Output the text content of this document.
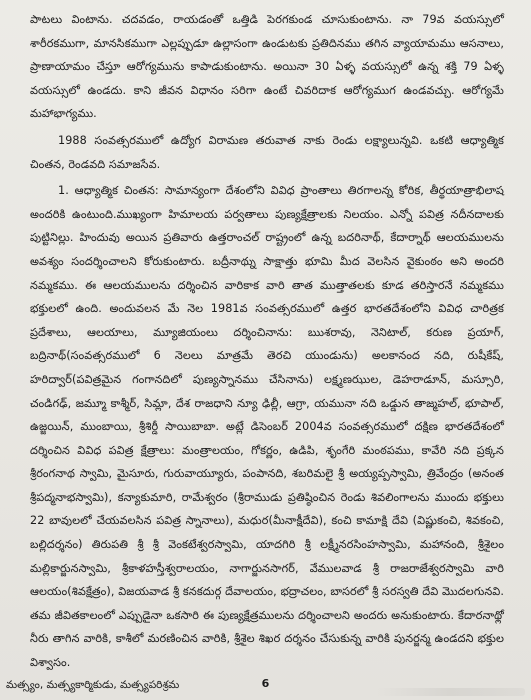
పాటలు వింటాను. చదవడం, రాయడంతో ఒత్తిడి పెరగకుండ చూసుకుంటాను. నా 79వ వయస్సులో శారీరకముగా, మానసికముగా ఎల్లప్పుడూ ఉల్లాసంగా ఉండుటకు ప్రతిదినము తగిన వ్యాయామము ఆసనాలు, ప్రాణాయామం చేస్తూ ఆరోగ్యమును కాపాడుకుంటాను. అయినా 30 ఏళ్ళ వయస్సులో ఉన్న శక్తి 79 ఏళ్ళ వయస్సులో ఉండదు. కాని జీవన విధానం సరిగా ఉంటే చివరిదాక ఆరోగ్యముగ ఉండవచ్చు. ఆరోగ్యమే మహాభాగ్యము.

1988 సంవత్సరములో ఉద్యోగ విరామణ తరువాత నాకు రెండు లక్ష్యాలున్నవి. ఒకటి ఆధ్యాత్మిక చింతన, రెండవది సమాజసేవ.

1. ఆధ్యాత్మిక చింతన: సామాన్యంగా దేశంలోని వివిధ ప్రాంతాలు తిరగాలన్న కోరిక, తీర్థయాత్రాభిలాష అందరికి ఉంటుంది.ముఖ్యంగా హిమాలయ పర్వతాలు పుణ్యక్షేత్రాలకు నిలయం. ఎన్నో పవిత్ర నదీనదాలకు పుట్టినిల్లు. హిందువు అయిన ప్రతివారు ఉత్తరాంచల్ రాష్ట్రంలో ఉన్న బదరినాథ్, కేదార్నాథ్ ఆలయములను అవశ్యం సందర్శించాలని కోరుకుంటారు. బద్రీనాథ్ను సాక్షాత్తు భూమి మీద వెలసిన వైకుంఠం అని అందరి నమ్మకము. ఈ ఆలయములను దర్శించిన వారికాక వారి తాత ముత్తాతలకు కూడ తరిస్తారనే నమ్మకము భక్తులలో ఉంది. అందువలన మే నెల 1981వ సంవత్సరములో ఉత్తర భారతదేశంలోని వివిధ చారిత్రక ప్రదేశాలు, ఆలయాలు, మ్యూజియంలు దర్శించినాను: ఋశరావు, నెనిటాల్, కరుణ ప్రయాగ్, బద్రినాథ్(సంవత్సరములో 6 నెలలు మాత్రమే తెరచి యుండును) అలకానంద నది, రుషీకేష్, హరిద్వార్(పవిత్రమైన గంగానదిలో పుణ్యస్నానము చేసినాను) లక్ష్మణఝుల, డెహరాడూన్, మస్సూరి, చండిగఢ్, జమ్మూ కాశ్మీర్, సిమ్లా, దేశ రాజధాని న్యూ ఢిల్లీ, ఆగ్రా, యమునా నది ఒడ్డున తాజ్మహల్, భూపాల్, ఉజ్జయిన్, ముంబాయి, శ్రీశిర్డీ సాయిబాబా. అట్లే డిసెంబర్ 2004వ సంవత్సరములో దక్షిణ భారతదేశంలో దర్శించిన వివిధ పవిత్ర క్షేత్రాలు: మంత్రాలయం, గోకర్ణం, ఉడిపి, శృంగేరి మంఠపము, కావేరి నది ప్రక్కన శ్రీరంగనాథ స్వామి, మైసూరు, గురువాయ్యూరు, పంపానది, శబరిమలై శ్రీ అయ్యప్పస్వామి, త్రివేంద్రం (అనంత శ్రీపద్మనాభస్వామి), కన్యాకుమారి, రామేశ్వరం (శ్రీరాముడు ప్రతిష్ఠించిన రెండు శివలింగాలను ముందు భక్తులు 22 బావులలో చేయవలసిన పవిత్ర స్నానాలు), మధుర(మీనాక్షీదేవి), కంచి కామాక్షి దేవి (విష్ణుకంచి, శివకంచి, బల్లిదర్శనం) తిరుపతి శ్రీ శ్రీ వెంకటేశ్వరస్వామి, యాదగిరి శ్రీ లక్ష్మీనరసింహస్వామి, మహానంది, శ్రీశైలం మల్లికార్జునస్వామి, శ్రీకాళహస్తీశ్వరాలయం, నాగార్జునసాగర్, వేములవాడ శ్రీ రాజరాజేశ్వరస్వామి వారి ఆలయం(శివక్షేత్రం), విజయవాడ శ్రీ కనకదుర్గ దేవాలయం, భద్రాచలం, బాసరలో శ్రీ సరస్వతి దేవి మొదలగునవి. తమ జీవితకాలంలో ఎప్పుడైనా ఒకసారి ఈ పుణ్యక్షేత్రములను దర్శించాలని అందరు అనుకుంటారు. కేదారనాథ్లో నీరు తాగిన వారికి, కాశీలో మరణించిన వారికి, శ్రీశైల శిఖర దర్శనం చేసుకున్న వారికి పునర్జన్మ ఉండదని భక్తుల విశ్వాసం.

6
మత్స్యం, మత్స్యకార్మికుడు, మత్స్యపరిశ్రమ
